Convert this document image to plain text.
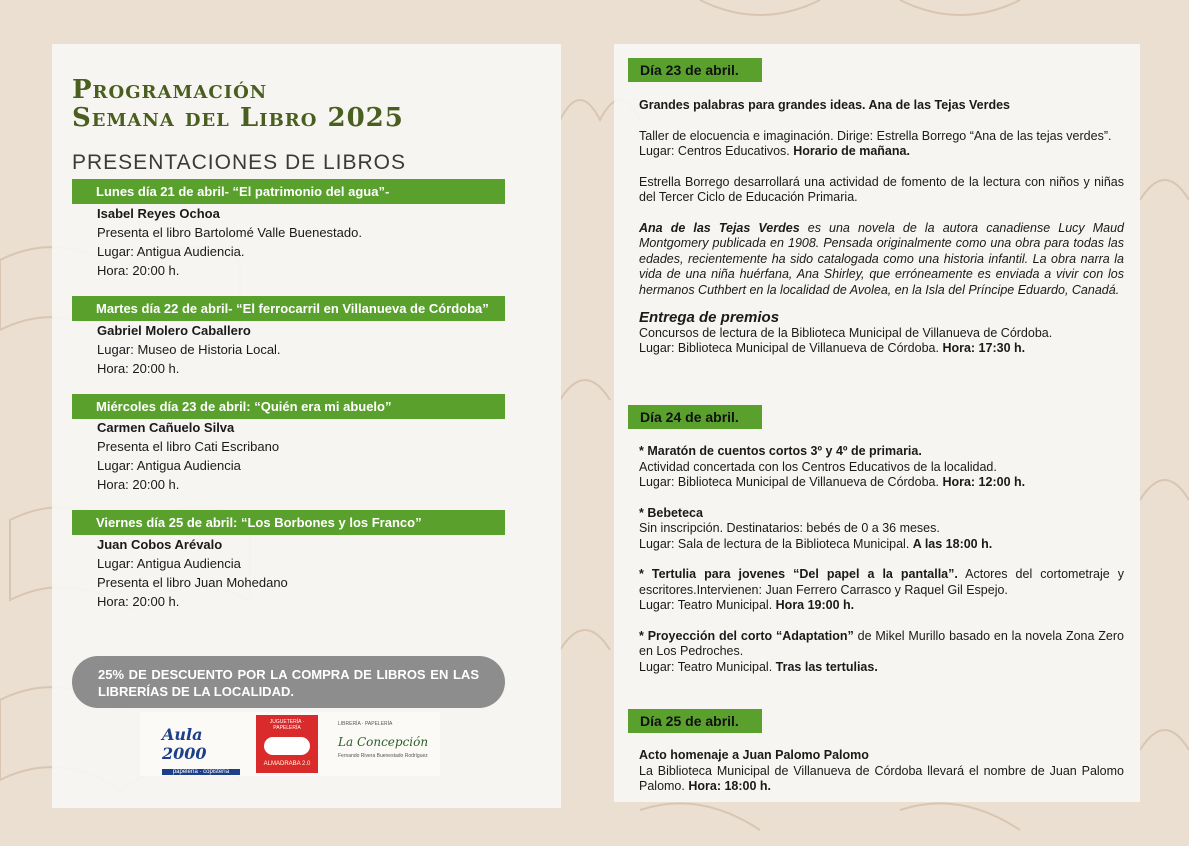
Programación
Semana del Libro 2025
PRESENTACIONES DE LIBROS
Lunes día 21 de abril- “El patrimonio del agua”-
Isabel Reyes Ochoa
Presenta el libro Bartolomé Valle Buenestado.
Lugar: Antigua Audiencia.
Hora: 20:00 h.
Martes día 22 de abril- “El ferrocarril en Villanueva de Córdoba”
Gabriel Molero Caballero
Lugar: Museo de Historia Local.
Hora: 20:00 h.
Miércoles día 23 de abril: “Quién era mi abuelo”
Carmen Cañuelo Silva
Presenta el libro Cati Escribano
Lugar: Antigua Audiencia
Hora: 20:00 h.
Viernes día 25 de abril: “Los Borbones y los Franco”
Juan Cobos Arévalo
Lugar: Antigua Audiencia
Presenta el libro Juan Mohedano
Hora: 20:00 h.
25% DE DESCUENTO POR LA COMPRA DE LIBROS EN LAS LIBRERÍAS DE LA LOCALIDAD.
Aula 2000
papelería · copistería
JUGUETERÍA · PAPELERÍA
ALMADRABA 2.0
LIBRERÍA · PAPELERÍA
La Concepción
Fernando Rivera Buenestado Rodríguez
Día 23 de abril.

Grandes palabras para grandes ideas. Ana de las Tejas Verdes

Taller de elocuencia e imaginación. Dirige: Estrella Borrego “Ana de las tejas verdes”.

Lugar: Centros Educativos. Horario de mañana.

Estrella Borrego desarrollará una actividad de fomento de la lectura con niños y niñas del Tercer Ciclo de Educación Primaria.

Ana de las Tejas Verdes es una novela de la autora canadiense Lucy Maud Montgomery publicada en 1908. Pensada originalmente como una obra para todas las edades, recientemente ha sido catalogada como una historia infantil. La obra narra la vida de una niña huérfana, Ana Shirley, que erróneamente es enviada a vivir con los hermanos Cuthbert en la localidad de Avolea, en la Isla del Príncipe Eduardo, Canadá.

Entrega de premios

Concursos de lectura de la Biblioteca Municipal de Villanueva de Córdoba.

Lugar: Biblioteca Municipal de Villanueva de Córdoba. Hora: 17:30 h.

Día 24 de abril.

* Maratón de cuentos cortos 3º y 4º de primaria.

Actividad concertada con los Centros Educativos de la localidad.

Lugar: Biblioteca Municipal de Villanueva de Córdoba. Hora: 12:00 h.

* Bebeteca

Sin inscripción. Destinatarios: bebés de 0 a 36 meses.

Lugar: Sala de lectura de la Biblioteca Municipal. A las 18:00 h.

* Tertulia para jovenes “Del papel a la pantalla”. Actores del cortometraje y escritores.Intervienen: Juan Ferrero Carrasco y Raquel Gil Espejo.

Lugar: Teatro Municipal. Hora 19:00 h.

* Proyección del corto “Adaptation” de Mikel Murillo basado en la novela Zona Zero en Los Pedroches.

Lugar: Teatro Municipal. Tras las tertulias.

Día 25 de abril.

Acto homenaje a Juan Palomo Palomo

La Biblioteca Municipal de Villanueva de Córdoba llevará el nombre de Juan Palomo Palomo. Hora: 18:00 h.
